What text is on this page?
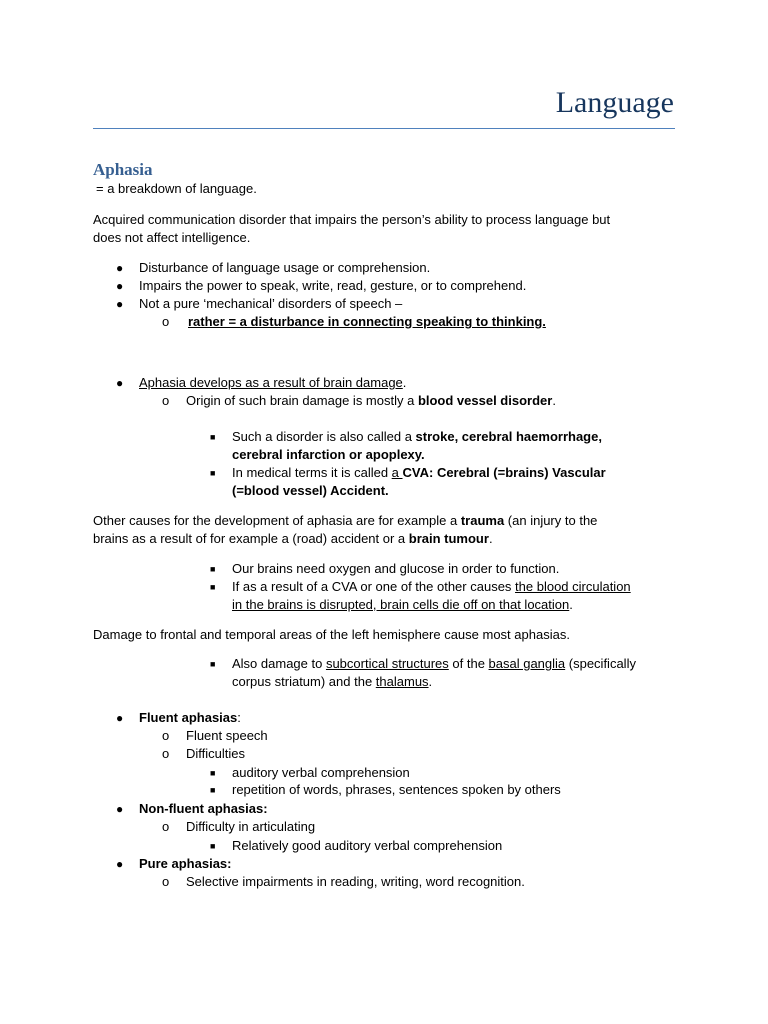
Language
Aphasia
= a breakdown of language.
Acquired communication disorder that impairs the person’s ability to process language but
does not affect intelligence.
● Disturbance of language usage or comprehension.
● Impairs the power to speak, write, read, gesture, or to comprehend.
● Not a pure ‘mechanical’ disorders of speech –
o rather = a disturbance in connecting speaking to thinking.
● Aphasia develops as a result of brain damage.
o Origin of such brain damage is mostly a blood vessel disorder.
■ Such a disorder is also called a stroke, cerebral haemorrhage,
cerebral infarction or apoplexy.
■ In medical terms it is called a CVA: Cerebral (=brains) Vascular
(=blood vessel) Accident.
Other causes for the development of aphasia are for example a trauma (an injury to the
brains as a result of for example a (road) accident or a brain tumour.
■ Our brains need oxygen and glucose in order to function.
■ If as a result of a CVA or one of the other causes the blood circulation
in the brains is disrupted, brain cells die off on that location.
Damage to frontal and temporal areas of the left hemisphere cause most aphasias.
■ Also damage to subcortical structures of the basal ganglia (specifically
corpus striatum) and the thalamus.
● Fluent aphasias:
o Fluent speech
o Difficulties
■ auditory verbal comprehension
■ repetition of words, phrases, sentences spoken by others
● Non-fluent aphasias:
o Difficulty in articulating
■ Relatively good auditory verbal comprehension
● Pure aphasias:
o Selective impairments in reading, writing, word recognition.
